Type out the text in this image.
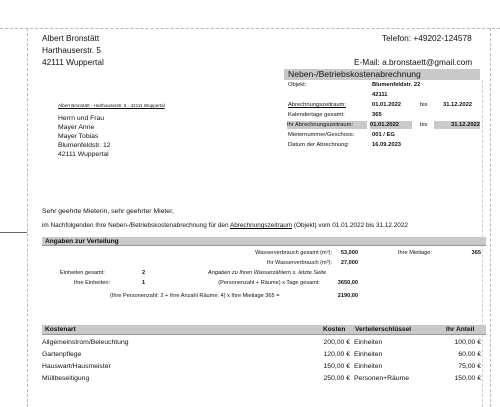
Albert Bronstätt
Harthauserstr. 5
42111 Wuppertal
Telefon: +49202-124578
E-Mail: a.bronstaett@gmail.com
Neben-/Betriebskostenabrechnung
Objekt:	Blumenfeldstr. 22
42111
Abrechnungszeitraum:	01.01.2022	bis	31.12.2022
Kalendertage gesamt:	365
Ihr Abrechnungszeitraum:	01.01.2022	bis	31.12.2022
Mieternummer/Geschoss:	001 / EG
Datum der Abrechnung:	16.09.2023
Albert Bronstätt - Harthauserstr. 5 - 42111 Wuppertal
Herrn und Frau
Mayer Anne
Mayer Tobias
Blumenfeldstr. 12
42111 Wuppertal
Sehr geehrte Mieterin, sehr geehrter Mieter,
im Nachfolgenden Ihre Neben-/Betriebskostenabrechnung für den Abrechnungszeitraum (Objekt) vom 01.01.2022 bis 31.12.2022
Angaben zur Verteilung
Wasserverbrauch gesamt (m³):	53,000	Ihre Mietiage:	365
Ihr Wasserverbrauch (m³):	27,000
Einheiten gesamt:	2	Angaben zu Ihren Wasserzählern s. letzte Seite
Ihre Einheiten:	1	(Personenzahl + Räume) x Tage gesamt:	3650,00
(Ihre Personenzahl: 2 + Ihre Anzahl Räume: 4) x Ihre Mietiage 365 =	2190,00
Kostenart	Kosten Verteilerschlüssel	Ihr Anteil
Allgemeinstrom/Beleuchtung	200,00 € Einheiten	100,00 €
Gartenpflege	120,00 € Einheiten	60,00 €
Hauswart/Hausmeister	150,00 € Einheiten	75,00 €
Müllbeseitigung	250,00 € Personen+Räume	150,00 €
